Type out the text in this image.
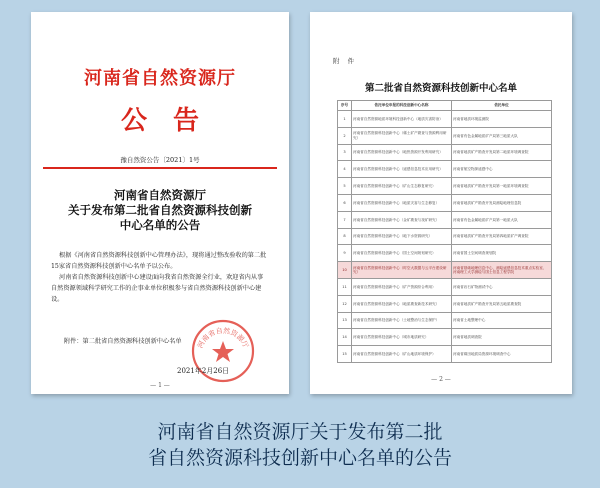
河南省自然资源厅
公告
豫自然资公告〔2021〕1号
河南省自然资源厅
关于发布第二批省自然资源科技创新
中心名单的公告

根据《河南省自然资源科技创新中心管理办法》，现将通过整改验收的第二批15家省自然资源科技创新中心名单予以公布。

河南省自然资源科技创新中心建设面向我省自然资源全行业，欢迎省内从事自然资源领域科学研究工作的企事业单位积极参与省自然资源科技创新中心建设。

附件：第二批省自然资源科技创新中心名单 河南省自然资源厅
2021年2月26日
— 1 —
附 件
第二批省自然资源科技创新中心名单
序号	依托单位申报的科技创新中心名称	依托单位
1	河南省自然资源地质环境科技创新中心（地质灾害防治）	河南省地质环境监测院
2	河南省自然资源科技创新中心（稀土矿产勘查与资源利用研究）	河南省有色金属地质矿产局第三地质大队
3	河南省自然资源科技创新中心（地热资源开发利用研究）	河南省地质矿产勘查开发局第二地质环境调查院
4	河南省自然资源科技创新中心（遥感信息技术应用研究）	河南省航空物探遥感中心
5	河南省自然资源科技创新中心（矿山生态修复研究）	河南省地质矿产勘查开发局第一地质环境调查院
6	河南省自然资源科技创新中心（地质灾害与生态修复）	河南省地质矿产勘查开发局测绘地理信息院
7	河南省自然资源科技创新中心（金矿勘查与找矿研究）	河南省有色金属地质矿产局第一地质大队
8	河南省自然资源科技创新中心（地下水资源研究）	河南省地质矿产勘查开发局第四地质矿产调查院
9	河南省自然资源科技创新中心（国土空间规划研究）	河南省国土空间调查规划院
10	河南省自然资源科技创新中心（时空大数据与云平台建设研究）	河南省基础地理信息中心、测绘遥感信息技术重点实验室、河南理工大学测绘与国土信息工程学院
11	河南省自然资源科技创新中心（矿产资源综合利用）	河南省岩石矿物测试中心
12	河南省自然资源科技创新中心（地质勘查新技术研究）	河南省地质矿产勘查开发局第五地质勘查院
13	河南省自然资源科技创新中心（土地整治与生态保护）	河南省土地整理中心
14	河南省自然资源科技创新中心（城市地质研究）	河南省地质调查院
15	河南省自然资源科技创新中心（矿山地质环境保护）	河南省煤田地质局资源环境调查中心
— 2 —
河南省自然资源厅关于发布第二批
省自然资源科技创新中心名单的公告
